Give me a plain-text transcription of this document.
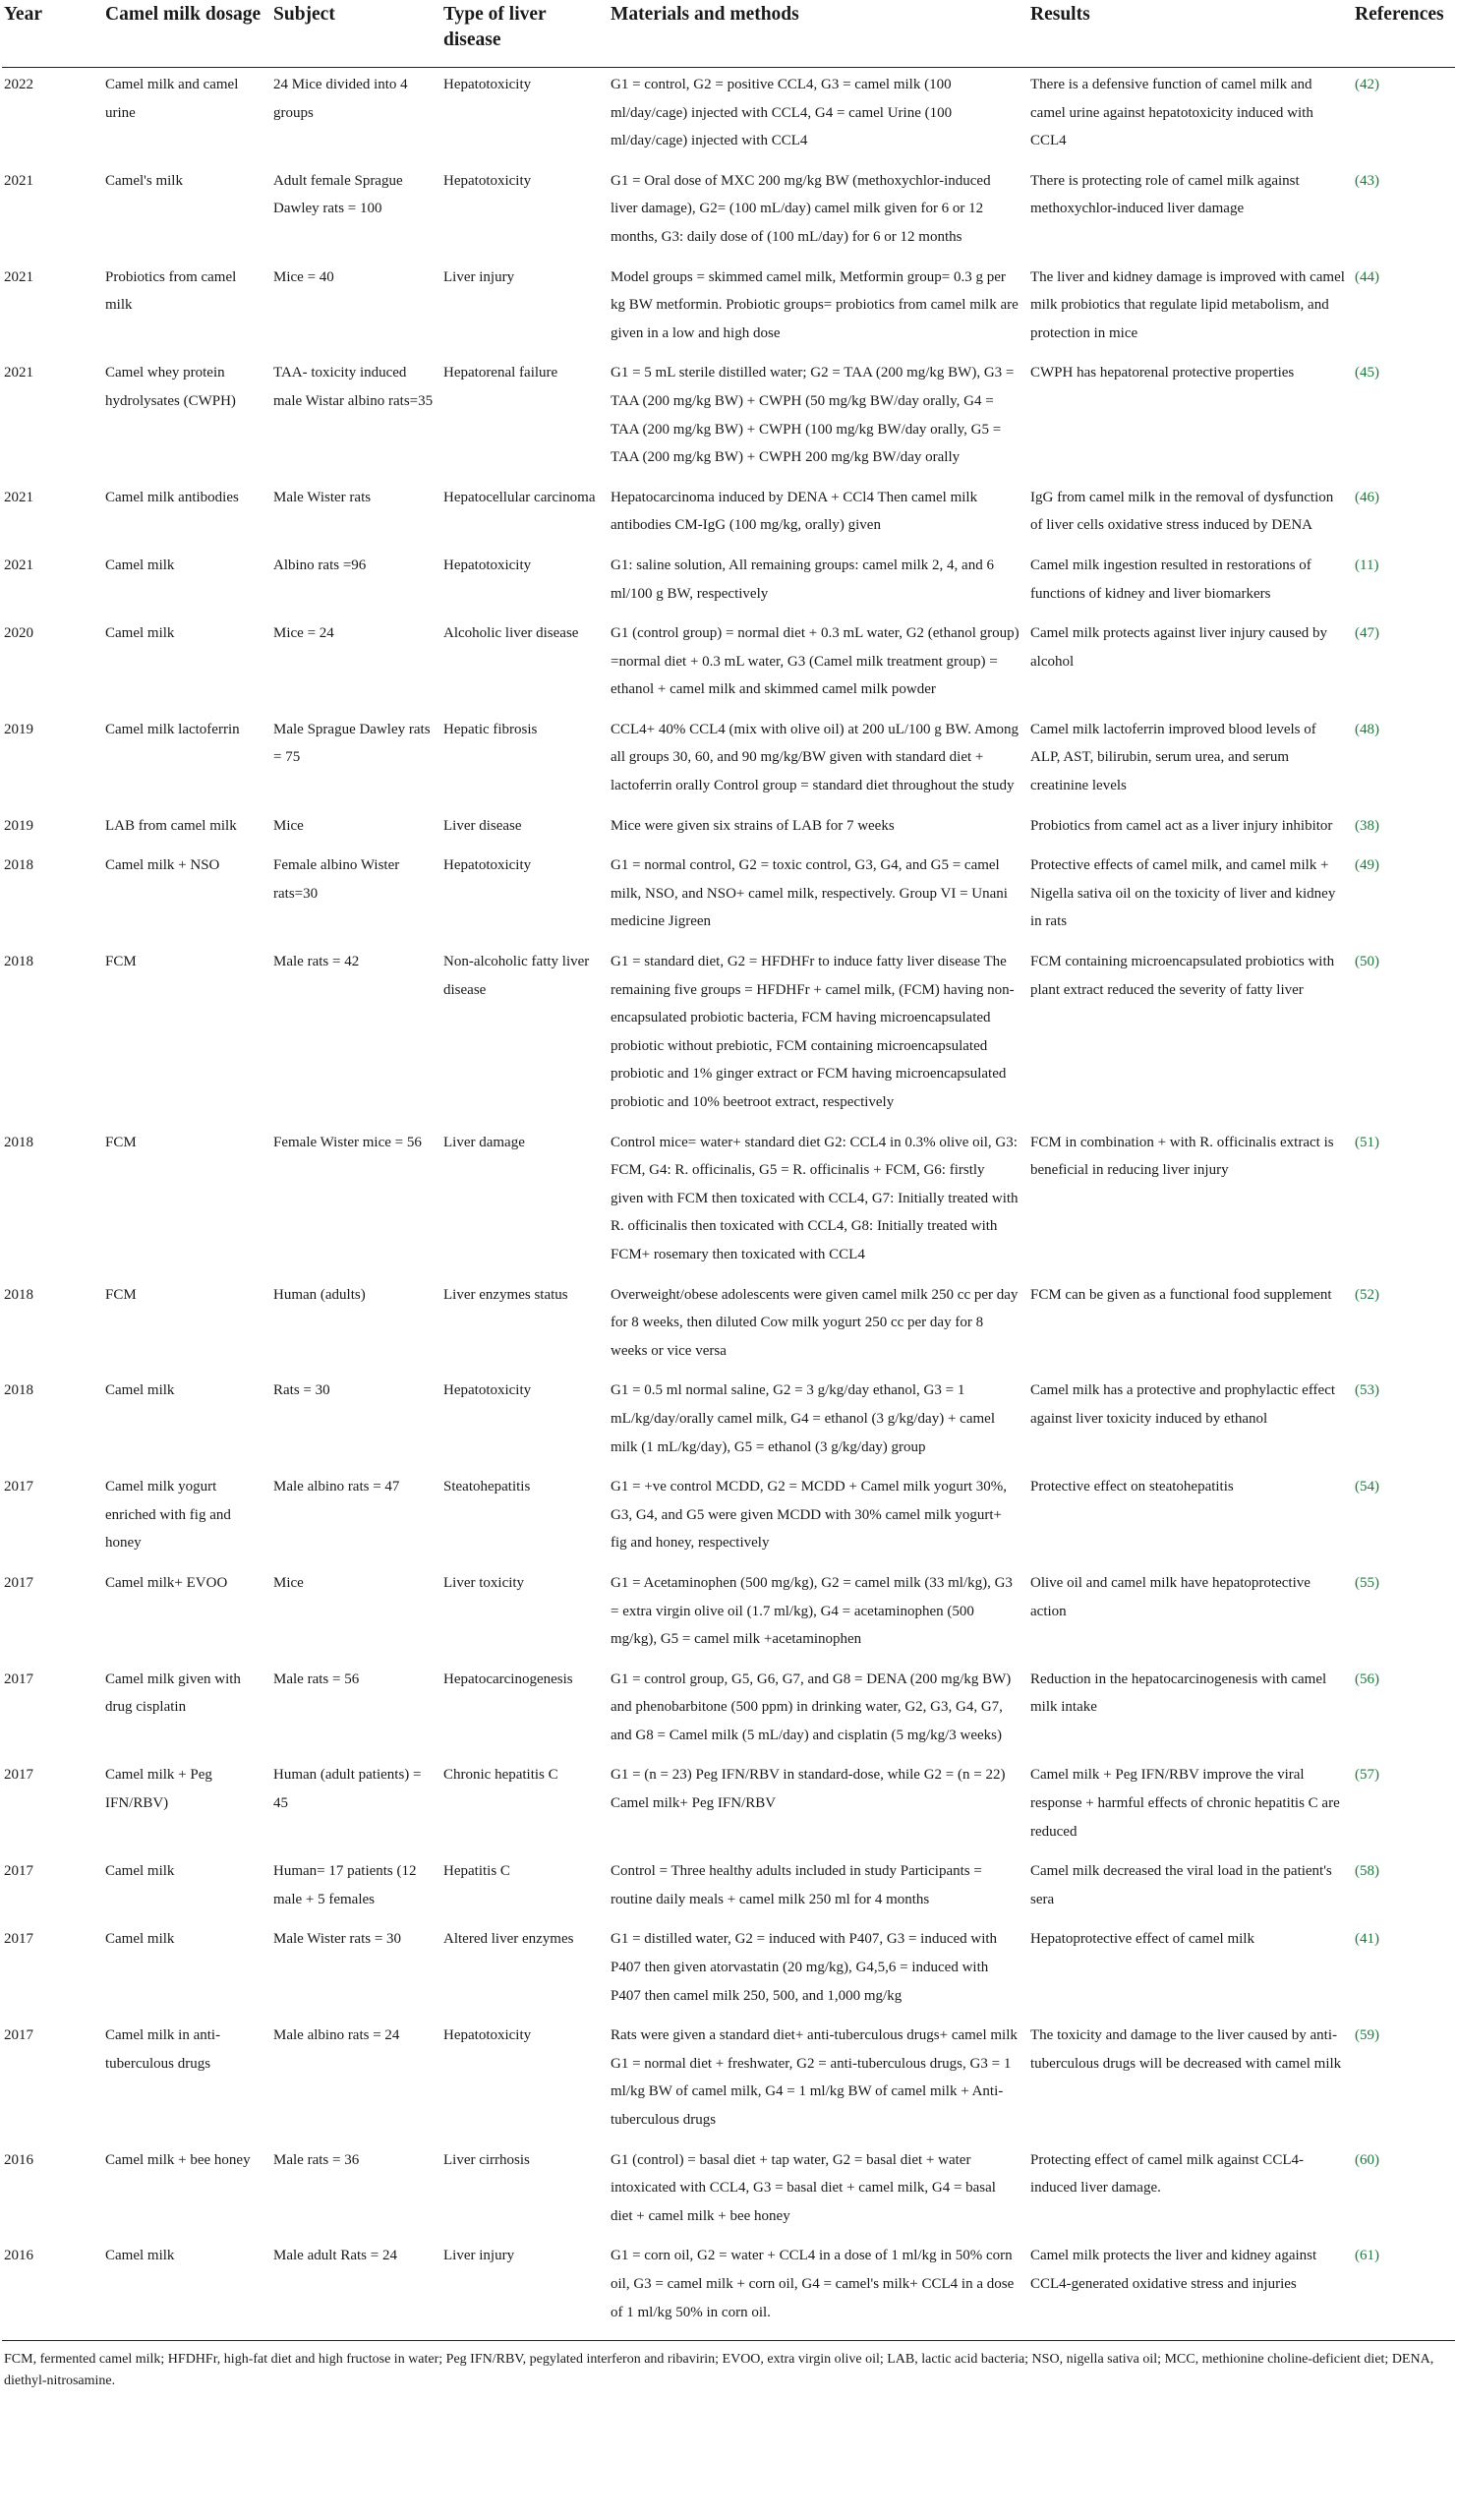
Year	Camel milk dosage	Subject	Type of liver disease	Materials and methods	Results	References
2022	Camel milk and camel urine	24 Mice divided into 4 groups	Hepatotoxicity	G1 = control, G2 = positive CCL4, G3 = camel milk (100 ml/day/cage) injected with CCL4, G4 = camel Urine (100 ml/day/cage) injected with CCL4	There is a defensive function of camel milk and camel urine against hepatotoxicity induced with CCL4	(42)
2021	Camel's milk	Adult female Sprague Dawley rats = 100	Hepatotoxicity	G1 = Oral dose of MXC 200 mg/kg BW (methoxychlor-induced liver damage), G2= (100 mL/day) camel milk given for 6 or 12 months, G3: daily dose of (100 mL/day) for 6 or 12 months	There is protecting role of camel milk against methoxychlor-induced liver damage	(43)
2021	Probiotics from camel milk	Mice = 40	Liver injury	Model groups = skimmed camel milk, Metformin group= 0.3 g per kg BW metformin. Probiotic groups= probiotics from camel milk are given in a low and high dose	The liver and kidney damage is improved with camel milk probiotics that regulate lipid metabolism, and protection in mice	(44)
2021	Camel whey protein hydrolysates (CWPH)	TAA- toxicity induced male Wistar albino rats=35	Hepatorenal failure	G1 = 5 mL sterile distilled water; G2 = TAA (200 mg/kg BW), G3 = TAA (200 mg/kg BW) + CWPH (50 mg/kg BW/day orally, G4 = TAA (200 mg/kg BW) + CWPH (100 mg/kg BW/day orally, G5 = TAA (200 mg/kg BW) + CWPH 200 mg/kg BW/day orally	CWPH has hepatorenal protective properties	(45)
2021	Camel milk antibodies	Male Wister rats	Hepatocellular carcinoma	Hepatocarcinoma induced by DENA + CCl4 Then camel milk antibodies CM-IgG (100 mg/kg, orally) given	IgG from camel milk in the removal of dysfunction of liver cells oxidative stress induced by DENA	(46)
2021	Camel milk	Albino rats =96	Hepatotoxicity	G1: saline solution, All remaining groups: camel milk 2, 4, and 6 ml/100 g BW, respectively	Camel milk ingestion resulted in restorations of functions of kidney and liver biomarkers	(11)
2020	Camel milk	Mice = 24	Alcoholic liver disease	G1 (control group) = normal diet + 0.3 mL water, G2 (ethanol group) =normal diet + 0.3 mL water, G3 (Camel milk treatment group) = ethanol + camel milk and skimmed camel milk powder	Camel milk protects against liver injury caused by alcohol	(47)
2019	Camel milk lactoferrin	Male Sprague Dawley rats = 75	Hepatic fibrosis	CCL4+ 40% CCL4 (mix with olive oil) at 200 uL/100 g BW. Among all groups 30, 60, and 90 mg/kg/BW given with standard diet + lactoferrin orally Control group = standard diet throughout the study	Camel milk lactoferrin improved blood levels of ALP, AST, bilirubin, serum urea, and serum creatinine levels	(48)
2019	LAB from camel milk	Mice	Liver disease	Mice were given six strains of LAB for 7 weeks	Probiotics from camel act as a liver injury inhibitor	(38)
2018	Camel milk + NSO	Female albino Wister rats=30	Hepatotoxicity	G1 = normal control, G2 = toxic control, G3, G4, and G5 = camel milk, NSO, and NSO+ camel milk, respectively. Group VI = Unani medicine Jigreen	Protective effects of camel milk, and camel milk + Nigella sativa oil on the toxicity of liver and kidney in rats	(49)
2018	FCM	Male rats = 42	Non-alcoholic fatty liver disease	G1 = standard diet, G2 = HFDHFr to induce fatty liver disease The remaining five groups = HFDHFr + camel milk, (FCM) having non-encapsulated probiotic bacteria, FCM having microencapsulated probiotic without prebiotic, FCM containing microencapsulated probiotic and 1% ginger extract or FCM having microencapsulated probiotic and 10% beetroot extract, respectively	FCM containing microencapsulated probiotics with plant extract reduced the severity of fatty liver	(50)
2018	FCM	Female Wister mice = 56	Liver damage	Control mice= water+ standard diet G2: CCL4 in 0.3% olive oil, G3: FCM, G4: R. officinalis, G5 = R. officinalis + FCM, G6: firstly given with FCM then toxicated with CCL4, G7: Initially treated with R. officinalis then toxicated with CCL4, G8: Initially treated with FCM+ rosemary then toxicated with CCL4	FCM in combination + with R. officinalis extract is beneficial in reducing liver injury	(51)
2018	FCM	Human (adults)	Liver enzymes status	Overweight/obese adolescents were given camel milk 250 cc per day for 8 weeks, then diluted Cow milk yogurt 250 cc per day for 8 weeks or vice versa	FCM can be given as a functional food supplement	(52)
2018	Camel milk	Rats = 30	Hepatotoxicity	G1 = 0.5 ml normal saline, G2 = 3 g/kg/day ethanol, G3 = 1 mL/kg/day/orally camel milk, G4 = ethanol (3 g/kg/day) + camel milk (1 mL/kg/day), G5 = ethanol (3 g/kg/day) group	Camel milk has a protective and prophylactic effect against liver toxicity induced by ethanol	(53)
2017	Camel milk yogurt enriched with fig and honey	Male albino rats = 47	Steatohepatitis	G1 = +ve control MCDD, G2 = MCDD + Camel milk yogurt 30%, G3, G4, and G5 were given MCDD with 30% camel milk yogurt+ fig and honey, respectively	Protective effect on steatohepatitis	(54)
2017	Camel milk+ EVOO	Mice	Liver toxicity	G1 = Acetaminophen (500 mg/kg), G2 = camel milk (33 ml/kg), G3 = extra virgin olive oil (1.7 ml/kg), G4 = acetaminophen (500 mg/kg), G5 = camel milk +acetaminophen	Olive oil and camel milk have hepatoprotective action	(55)
2017	Camel milk given with drug cisplatin	Male rats = 56	Hepatocarcinogenesis	G1 = control group, G5, G6, G7, and G8 = DENA (200 mg/kg BW) and phenobarbitone (500 ppm) in drinking water, G2, G3, G4, G7, and G8 = Camel milk (5 mL/day) and cisplatin (5 mg/kg/3 weeks)	Reduction in the hepatocarcinogenesis with camel milk intake	(56)
2017	Camel milk + Peg IFN/RBV)	Human (adult patients) = 45	Chronic hepatitis C	G1 = (n = 23) Peg IFN/RBV in standard-dose, while G2 = (n = 22) Camel milk+ Peg IFN/RBV	Camel milk + Peg IFN/RBV improve the viral response + harmful effects of chronic hepatitis C are reduced	(57)
2017	Camel milk	Human= 17 patients (12 male + 5 females	Hepatitis C	Control = Three healthy adults included in study Participants = routine daily meals + camel milk 250 ml for 4 months	Camel milk decreased the viral load in the patient's sera	(58)
2017	Camel milk	Male Wister rats = 30	Altered liver enzymes	G1 = distilled water, G2 = induced with P407, G3 = induced with P407 then given atorvastatin (20 mg/kg), G4,5,6 = induced with P407 then camel milk 250, 500, and 1,000 mg/kg	Hepatoprotective effect of camel milk	(41)
2017	Camel milk in anti-tuberculous drugs	Male albino rats = 24	Hepatotoxicity	Rats were given a standard diet+ anti-tuberculous drugs+ camel milk G1 = normal diet + freshwater, G2 = anti-tuberculous drugs, G3 = 1 ml/kg BW of camel milk, G4 = 1 ml/kg BW of camel milk + Anti-tuberculous drugs	The toxicity and damage to the liver caused by anti-tuberculous drugs will be decreased with camel milk	(59)
2016	Camel milk + bee honey	Male rats = 36	Liver cirrhosis	G1 (control) = basal diet + tap water, G2 = basal diet + water intoxicated with CCL4, G3 = basal diet + camel milk, G4 = basal diet + camel milk + bee honey	Protecting effect of camel milk against CCL4-induced liver damage.	(60)
2016	Camel milk	Male adult Rats = 24	Liver injury	G1 = corn oil, G2 = water + CCL4 in a dose of 1 ml/kg in 50% corn oil, G3 = camel milk + corn oil, G4 = camel's milk+ CCL4 in a dose of 1 ml/kg 50% in corn oil.	Camel milk protects the liver and kidney against CCL4-generated oxidative stress and injuries	(61)
FCM, fermented camel milk; HFDHFr, high-fat diet and high fructose in water; Peg IFN/RBV, pegylated interferon and ribavirin; EVOO, extra virgin olive oil; LAB, lactic acid bacteria; NSO, nigella sativa oil; MCC, methionine choline-deficient diet; DENA, diethyl-nitrosamine.
